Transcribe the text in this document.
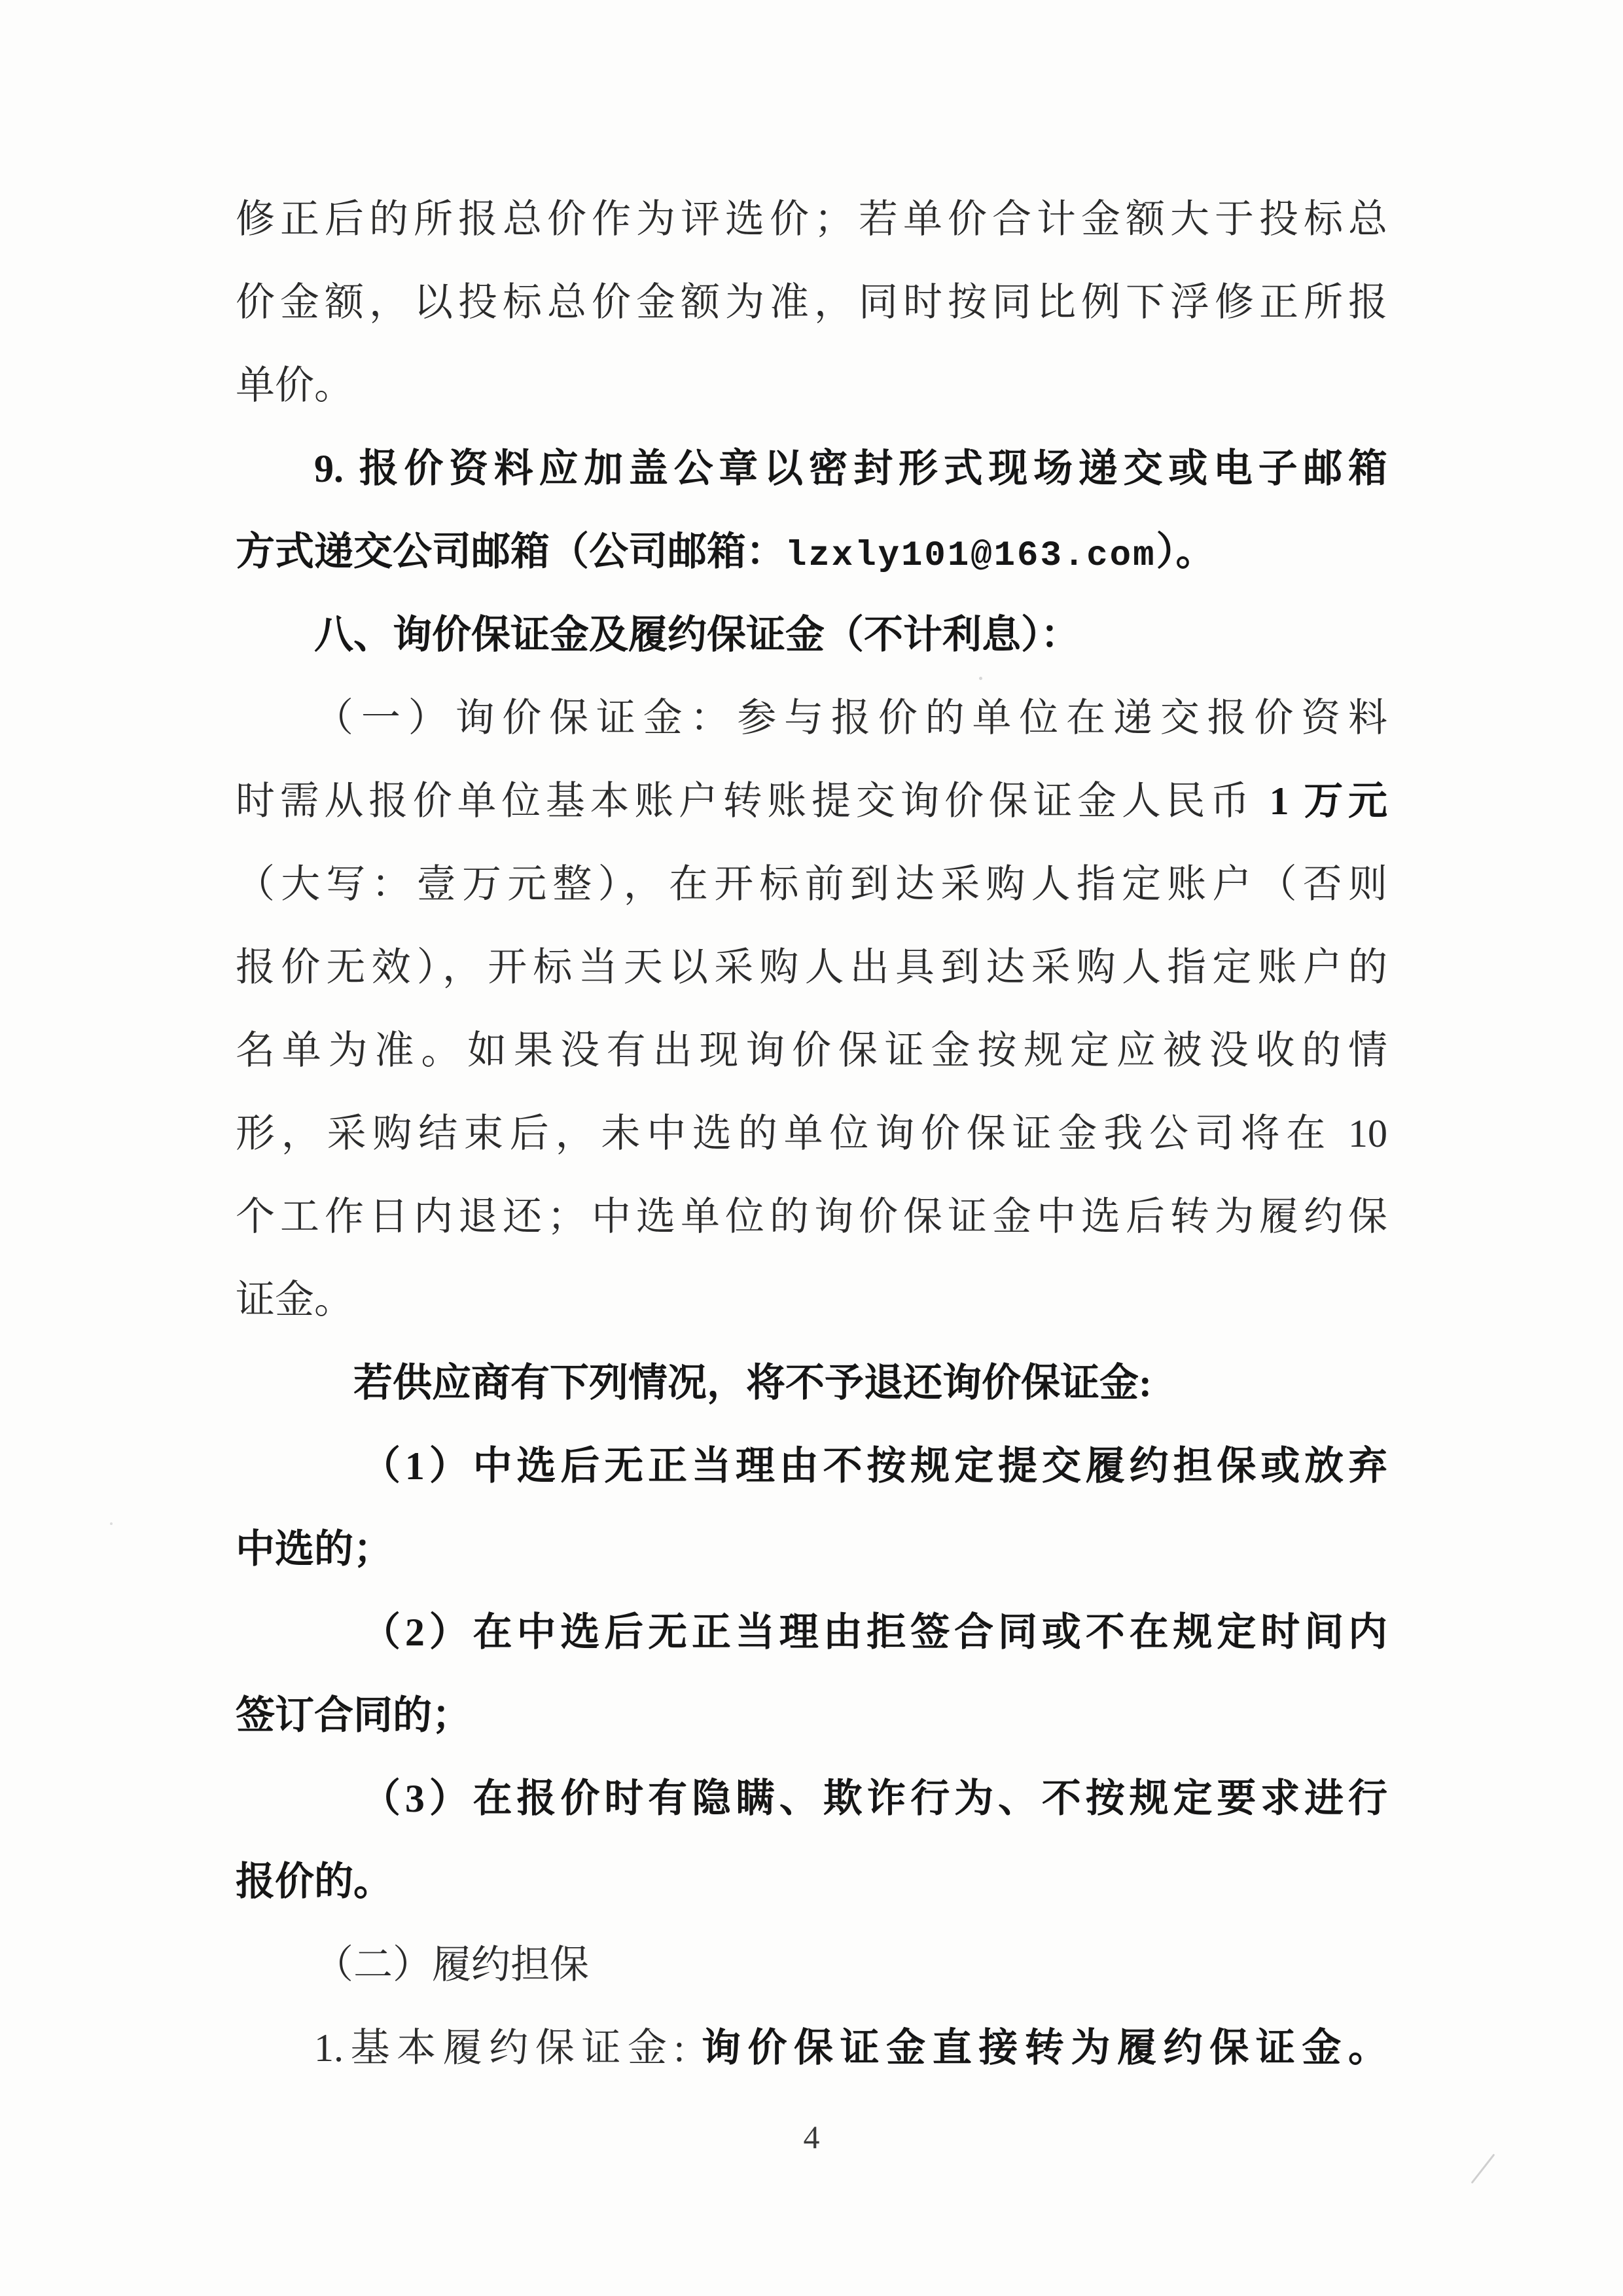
修正后的所报总价作为评选价；若单价合计金额大于投标总
价金额，以投标总价金额为准，同时按同比例下浮修正所报
单价。
9. 报价资料应加盖公章以密封形式现场递交或电子邮箱
方式递交公司邮箱（公司邮箱：lzxly101@163.com）。
八、询价保证金及履约保证金（不计利息）：
（一）询价保证金：参与报价的单位在递交报价资料
时需从报价单位基本账户转账提交询价保证金人民币 1 万元
（大写：壹万元整），在开标前到达采购人指定账户（否则
报价无效），开标当天以采购人出具到达采购人指定账户的
名单为准。如果没有出现询价保证金按规定应被没收的情
形，采购结束后，未中选的单位询价保证金我公司将在 10
个工作日内退还；中选单位的询价保证金中选后转为履约保
证金。
若供应商有下列情况，将不予退还询价保证金:
（1）中选后无正当理由不按规定提交履约担保或放弃
中选的；
（2）在中选后无正当理由拒签合同或不在规定时间内
签订合同的；
（3）在报价时有隐瞒、欺诈行为、不按规定要求进行
报价的。
（二）履约担保
1.基本履约保证金: 询价保证金直接转为履约保证金。
4
